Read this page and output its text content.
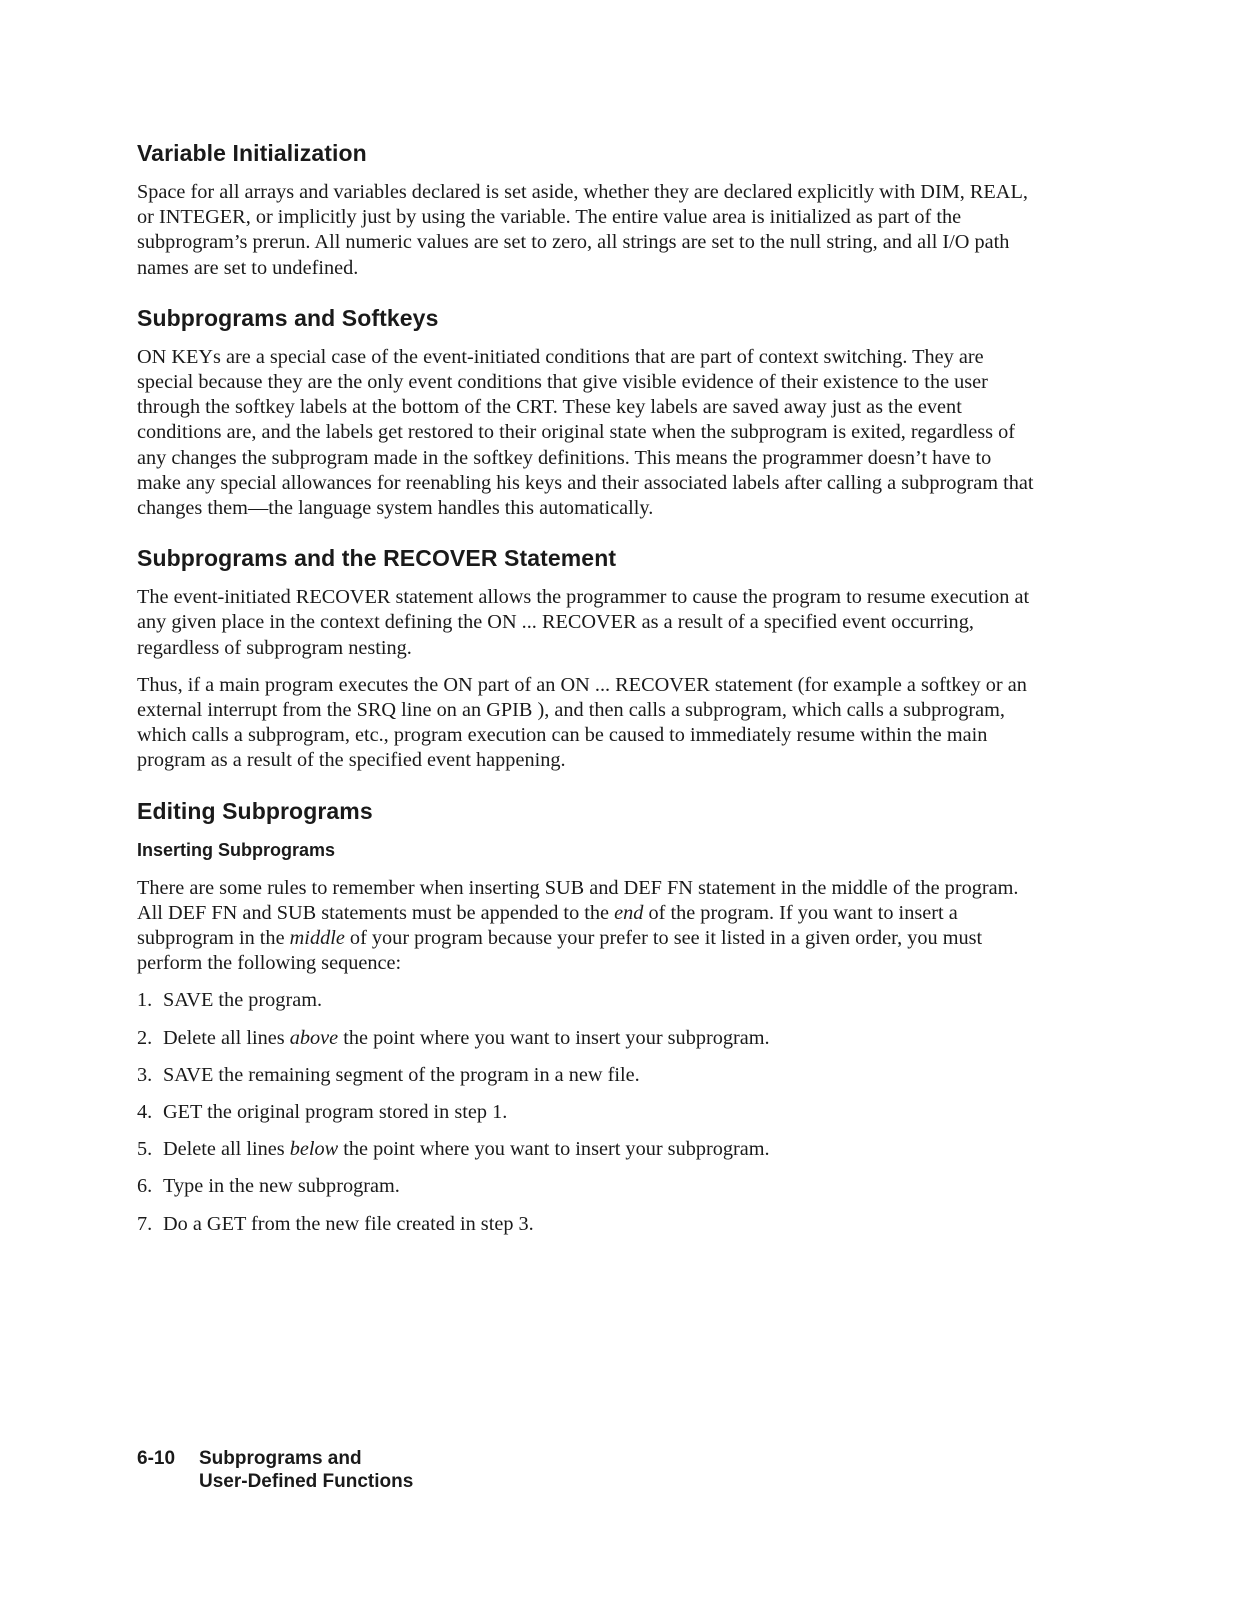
Variable Initialization

Space for all arrays and variables declared is set aside, whether they are declared explicitly with DIM, REAL, or INTEGER, or implicitly just by using the variable. The entire value area is initialized as part of the subprogram’s prerun. All numeric values are set to zero, all strings are set to the null string, and all I/O path names are set to undefined.

Subprograms and Softkeys

ON KEYs are a special case of the event-initiated conditions that are part of context switching. They are special because they are the only event conditions that give visible evidence of their existence to the user through the softkey labels at the bottom of the CRT. These key labels are saved away just as the event conditions are, and the labels get restored to their original state when the subprogram is exited, regardless of any changes the subprogram made in the softkey definitions. This means the programmer doesn’t have to make any special allowances for reenabling his keys and their associated labels after calling a subprogram that changes them—the language system handles this automatically.

Subprograms and the RECOVER Statement

The event-initiated RECOVER statement allows the programmer to cause the program to resume execution at any given place in the context defining the ON ... RECOVER as a result of a specified event occurring, regardless of subprogram nesting.

Thus, if a main program executes the ON part of an ON ... RECOVER statement (for example a softkey or an external interrupt from the SRQ line on an GPIB ), and then calls a subprogram, which calls a subprogram, which calls a subprogram, etc., program execution can be caused to immediately resume within the main program as a result of the specified event happening.

Editing Subprograms
Inserting Subprograms

There are some rules to remember when inserting SUB and DEF FN statement in the middle of the program. All DEF FN and SUB statements must be appended to the end of the program. If you want to insert a subprogram in the middle of your program because your prefer to see it listed in a given order, you must perform the following sequence:

1. SAVE the program.
2. Delete all lines above the point where you want to insert your subprogram.
3. SAVE the remaining segment of the program in a new file.
4. GET the original program stored in step 1.
5. Delete all lines below the point where you want to insert your subprogram.
6. Type in the new subprogram.
7. Do a GET from the new file created in step 3.
6-10	Subprograms and
User-Defined Functions
